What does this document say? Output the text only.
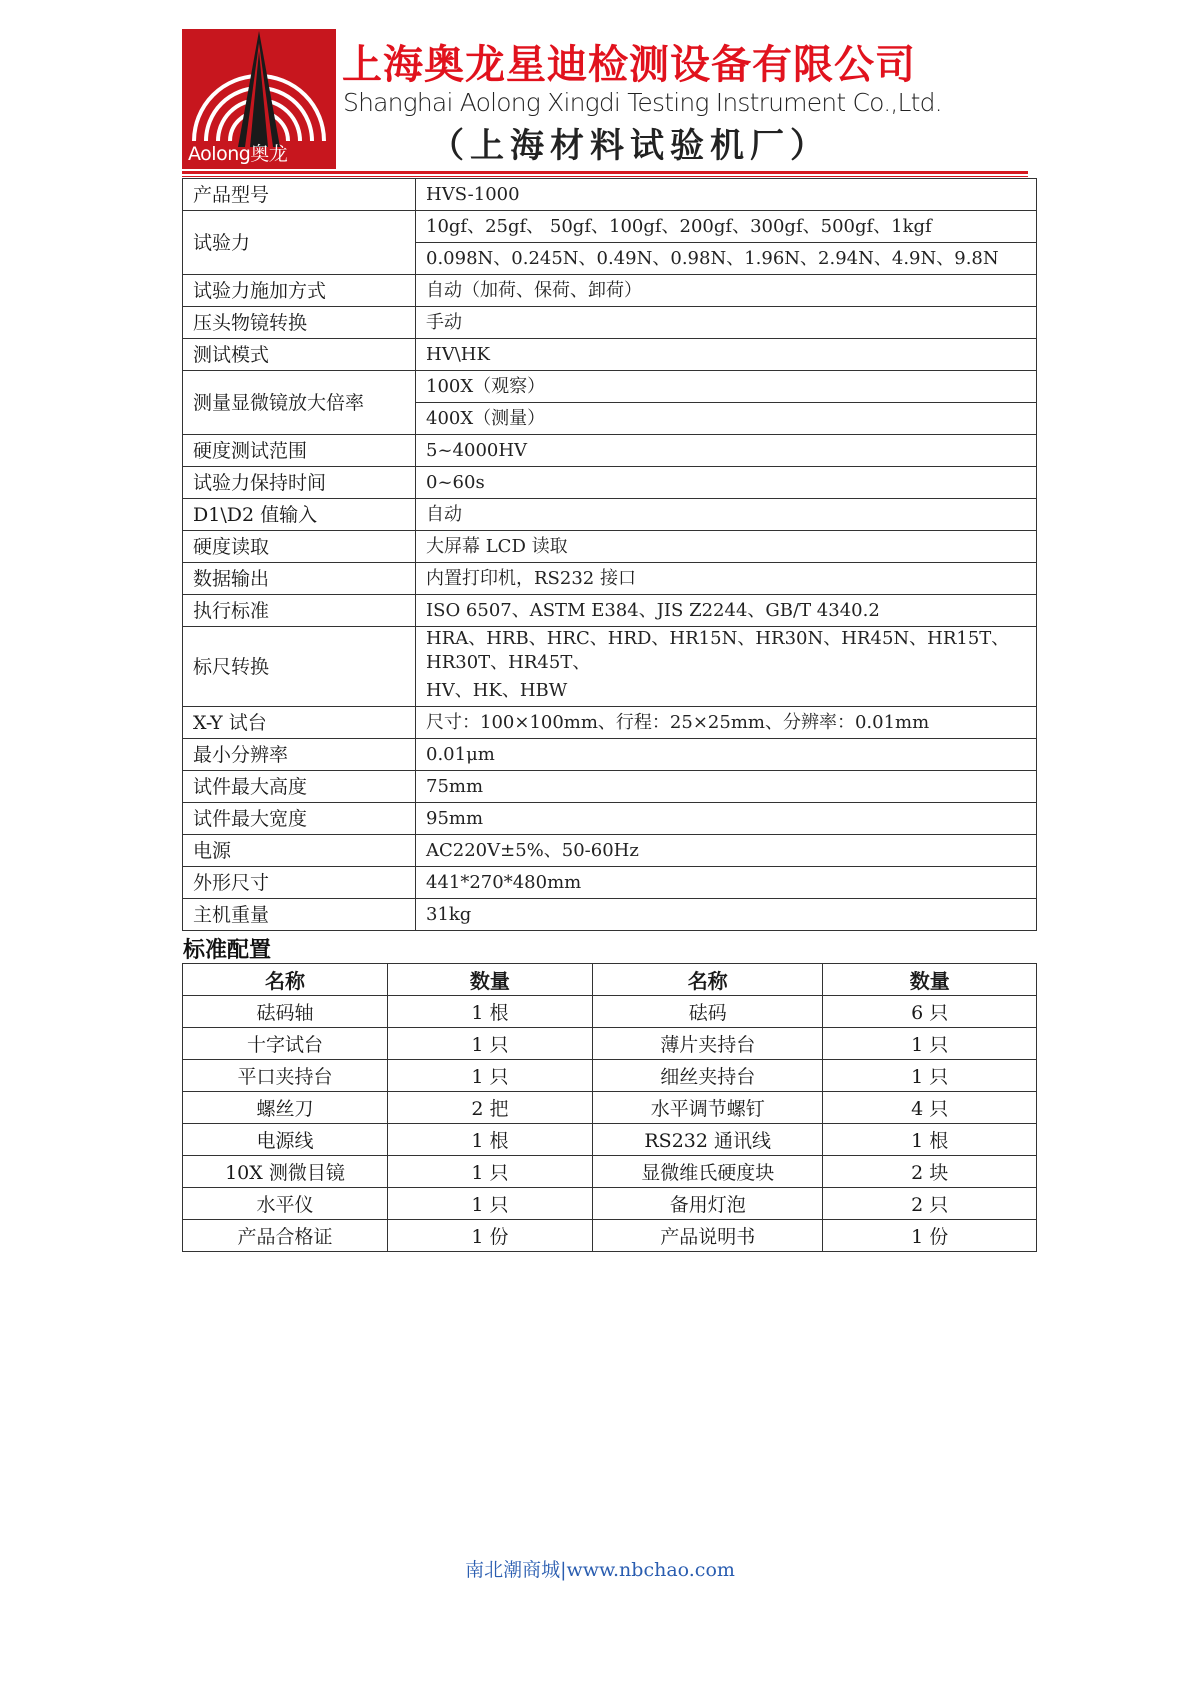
Aolong奥龙
上海奥龙星迪检测设备有限公司
Shanghai Aolong Xingdi Testing Instrument Co.,Ltd.
（上海材料试验机厂）
产品型号	HVS-1000
试验力	10gf、25gf、 50gf、100gf、200gf、300gf、500gf、1kgf
	0.098N、0.245N、0.49N、0.98N、1.96N、2.94N、4.9N、9.8N
试验力施加方式	自动（加荷、保荷、卸荷）
压头物镜转换	手动
测试模式	HV\HK
测量显微镜放大倍率	100X（观察）
	400X（测量）
硬度测试范围	5~4000HV
试验力保持时间	0~60s
D1\D2 值输入	自动
硬度读取	大屏幕 LCD 读取
数据输出	内置打印机，RS232 接口
执行标准	ISO 6507、ASTM E384、JIS Z2244、GB/T 4340.2
标尺转换	HRA、HRB、HRC、HRD、HR15N、HR30N、HR45N、HR15T、HR30T、HR45T、
	HV、HK、HBW
X-Y 试台	尺寸：100×100mm、行程：25×25mm、分辨率：0.01mm
最小分辨率	0.01μm
试件最大高度	75mm
试件最大宽度	95mm
电源	AC220V±5%、50-60Hz
外形尺寸	441*270*480mm
主机重量	31kg
标准配置
名称	数量	名称	数量
砝码轴	1 根	砝码	6 只
十字试台	1 只	薄片夹持台	1 只
平口夹持台	1 只	细丝夹持台	1 只
螺丝刀	2 把	水平调节螺钉	4 只
电源线	1 根	RS232 通讯线	1 根
10X 测微目镜	1 只	显微维氏硬度块	2 块
水平仪	1 只	备用灯泡	2 只
产品合格证	1 份	产品说明书	1 份
南北潮商城|www.nbchao.com
